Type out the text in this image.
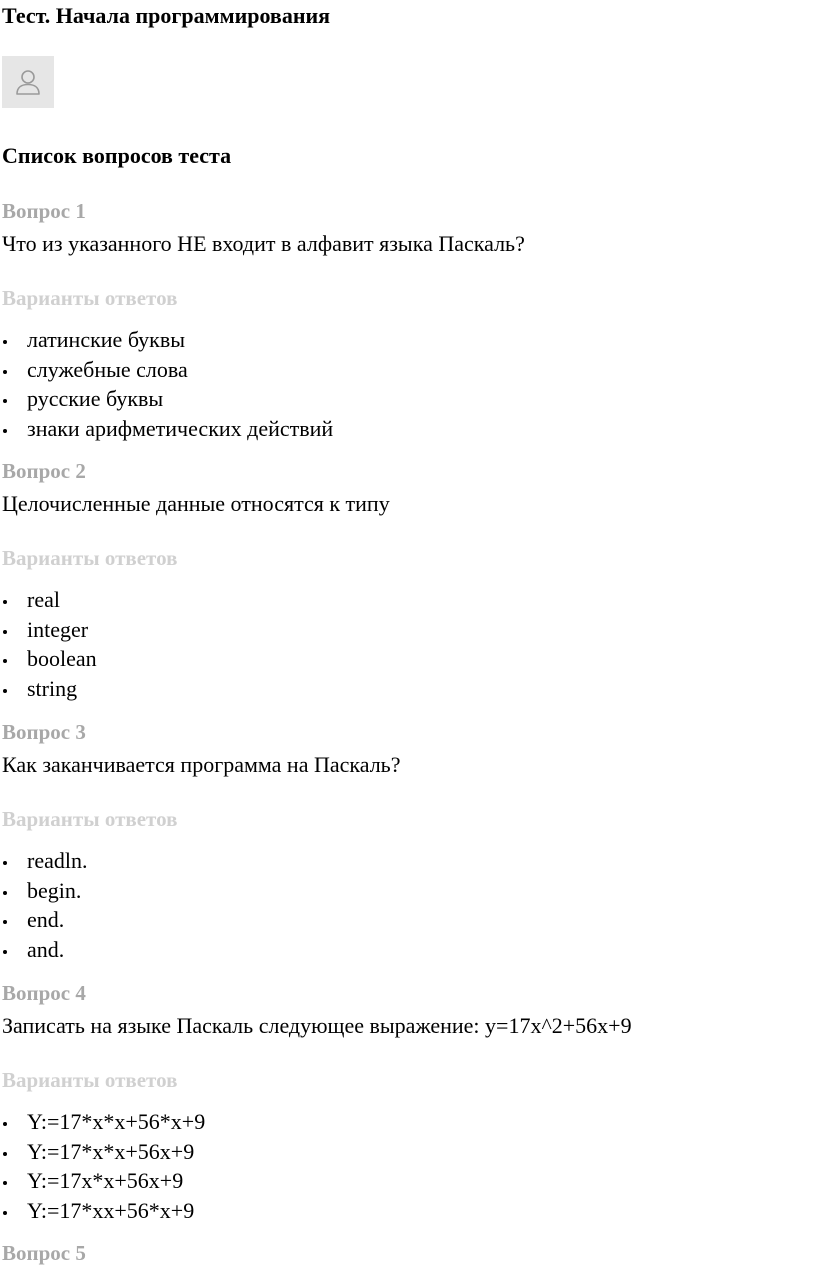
Тест. Начала программирования
Список вопросов теста
Вопрос 1
Что из указанного НЕ входит в алфавит языка Паскаль?
Варианты ответов
латинские буквы
служебные слова
русские буквы
знаки арифметических действий
Вопрос 2
Целочисленные данные относятся к типу
Варианты ответов
real
integer
boolean
string
Вопрос 3
Как заканчивается программа на Паскаль?
Варианты ответов
readln.
begin.
end.
and.
Вопрос 4
Записать на языке Паскаль следующее выражение: y=17x^2+56x+9
Варианты ответов
Y:=17*x*x+56*x+9
Y:=17*x*x+56x+9
Y:=17x*x+56x+9
Y:=17*xx+56*x+9
Вопрос 5
